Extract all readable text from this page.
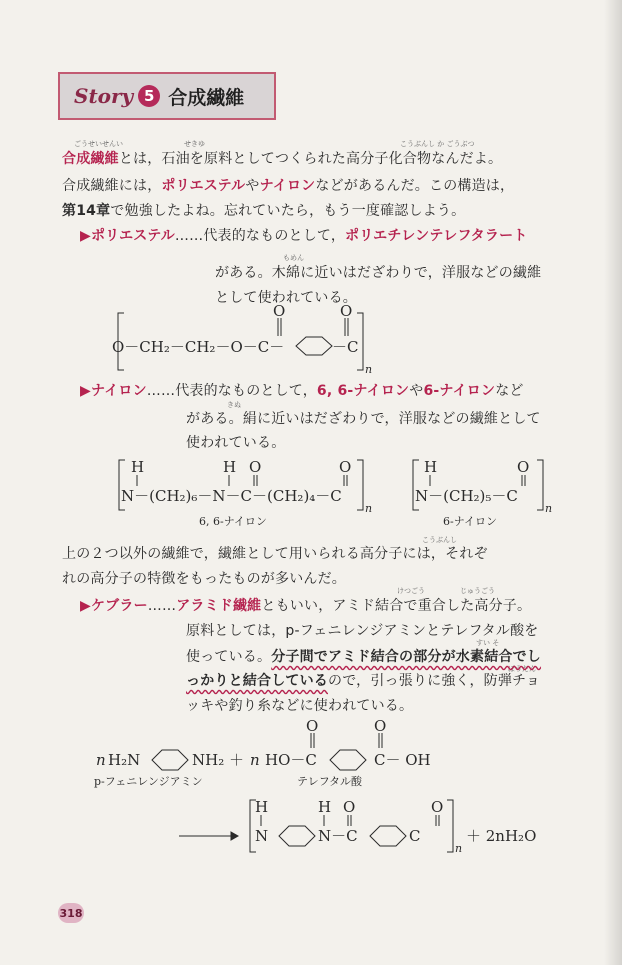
Story 5 合成繊維
ごうせいせんい	せきゆ	こうぶんし か ごうぶつ
もめん
きぬ
こうぶんし
けつごう	じゅうごう
すい そ
ぼうだん
合成繊維とは，石油を原料としてつくられた高分子化合物なんだよ。
合成繊維には，ポリエステルやナイロンなどがあるんだ。この構造は，
第14章で勉強したよね。忘れていたら，もう一度確認しよう。
▶ポリエステル……代表的なものとして，ポリエチレンテレフタラート
がある。木綿に近いはだざわりで，洋服などの繊維
として使われている。
▶ナイロン……代表的なものとして，6, 6-ナイロンや6-ナイロンなど
がある。絹に近いはだざわりで，洋服などの繊維として
使われている。
上の２つ以外の繊維で，繊維として用いられる高分子には，それぞ
れの高分子の特徴をもったものが多いんだ。
▶ケブラー……アラミド繊維ともいい，アミド結合で重合した高分子。
原料としては，p-フェニレンジアミンとテレフタル酸を
使っている。分子間でアミド結合の部分が水素結合でし
っかりと結合しているので，引っ張りに強く，防弾チョ
ッキや釣り糸などに使われている。
O	O
O－CH₂－CH₂－O－C－	－C
n
H	H O	O
N－(CH₂)₆－N－C－(CH₂)₄－C
n
H	O
N－(CH₂)₅－C
n
O	O
n H₂N	NH₂ ＋ n HO－C	C－ OH
H	H O	O
N	N－C	C
n
＋ 2nH₂O
6, 6-ナイロン	6-ナイロン
p-フェニレンジアミン	テレフタル酸
318
